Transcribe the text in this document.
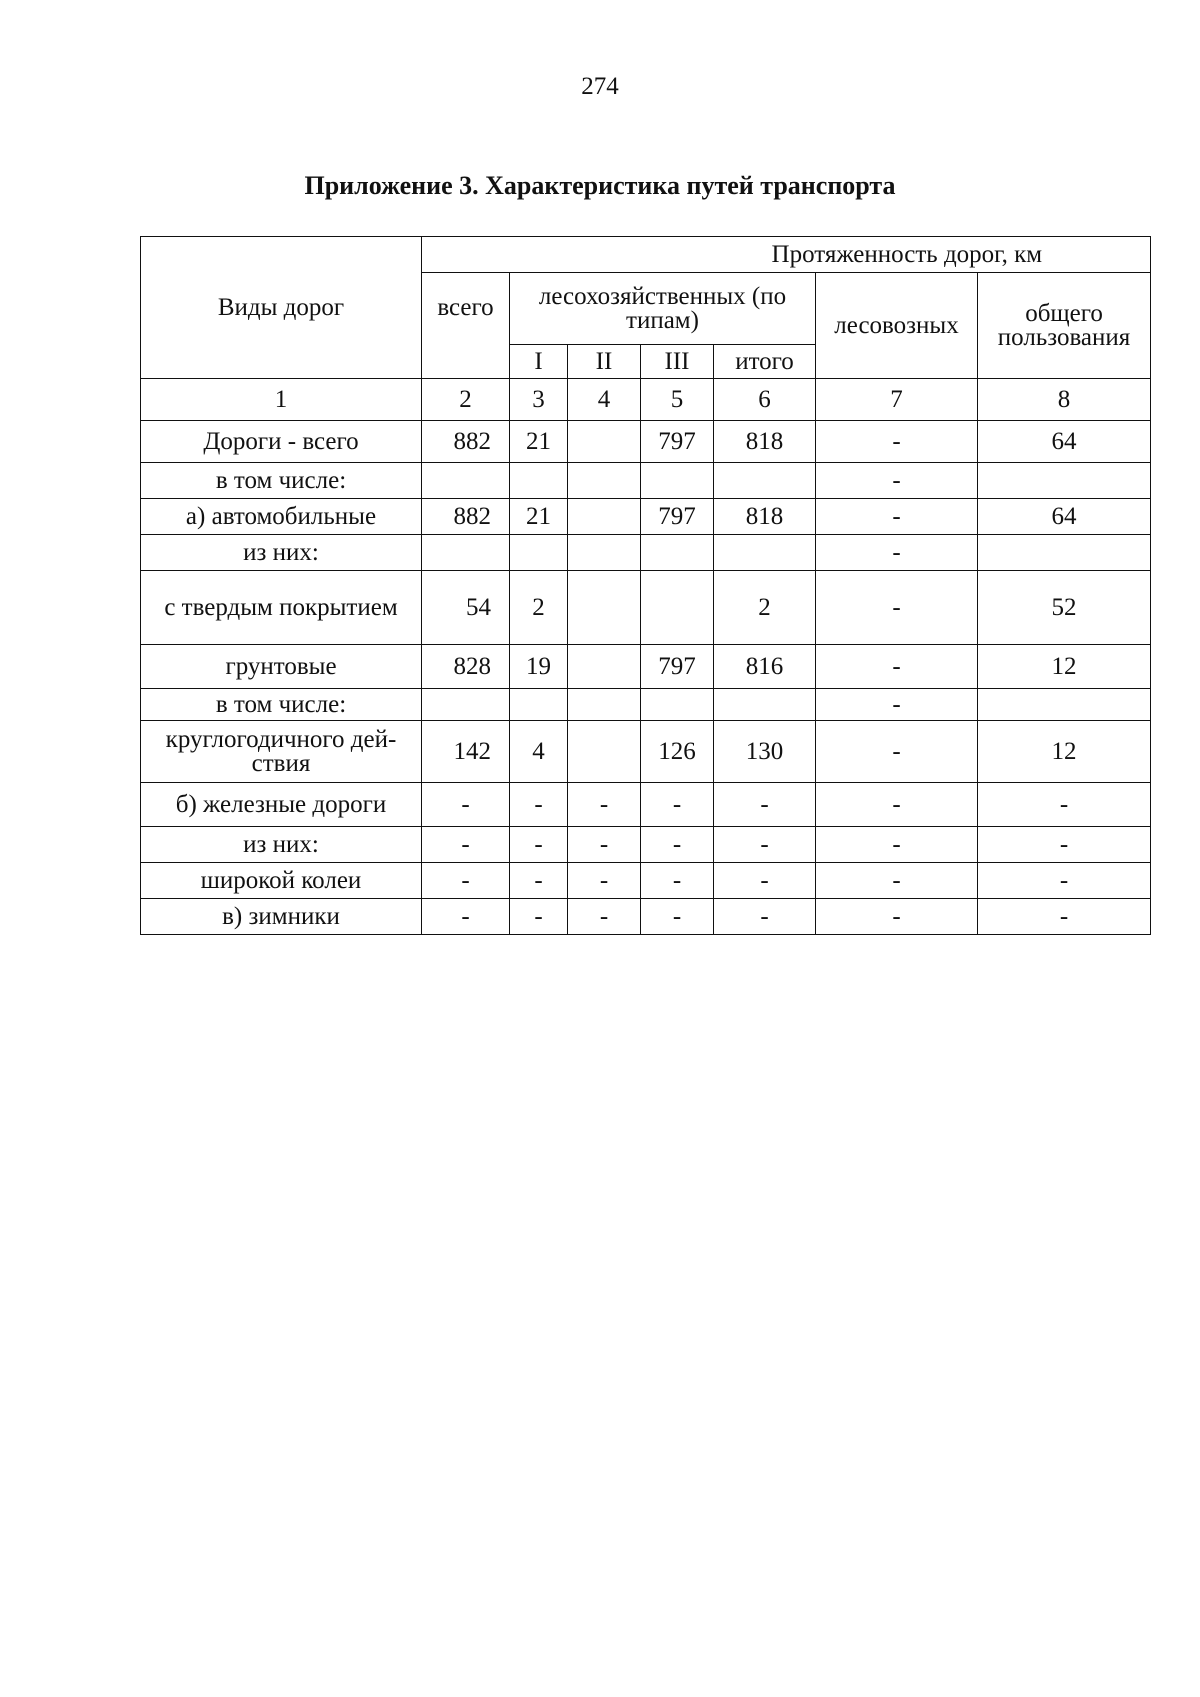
274
Приложение 3. Характеристика путей транспорта
Виды дорог	Протяженность дорог, км						
	всего	лесохозяйственных (по типам)				лесовозных	общего пользования
		I	II	III	итого		
1	2	3	4	5	6	7	8
Дороги - всего	882	21		797	818	-	64
в том числе:						-	
а) автомобильные	882	21		797	818	-	64
из них:						-	
с твердым покрытием	54	2			2	-	52
грунтовые	828	19		797	816	-	12
в том числе:						-	
круглогодичного дей-ствия	142	4		126	130	-	12
б) железные дороги	-	-	-	-	-	-	-
из них:	-	-	-	-	-	-	-
широкой колеи	-	-	-	-	-	-	-
в) зимники	-	-	-	-	-	-	-
